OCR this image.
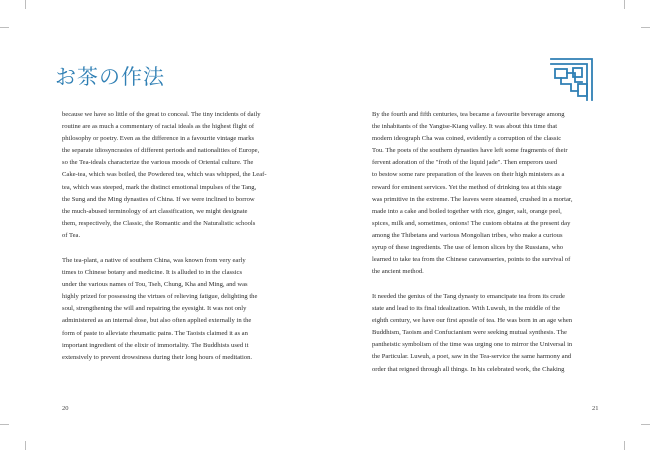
お茶の作法

because we have so little of the great to conceal. The tiny incidents of daily
routine are as much a commentary of racial ideals as the highest flight of
philosophy or poetry. Even as the difference in a favourite vintage marks
the separate idiosyncrasies of different periods and nationalities of Europe,
so the Tea-ideals characterize the various moods of Oriental culture. The
Cake-tea, which was boiled, the Powdered tea, which was whipped, the Leaf-
tea, which was steeped, mark the distinct emotional impulses of the Tang,
the Sung and the Ming dynasties of China. If we were inclined to borrow
the much-abused terminology of art classification, we might designate
them, respectively, the Classic, the Romantic and the Naturalistic schools
of Tea.

The tea-plant, a native of southern China, was known from very early
times to Chinese botany and medicine. It is alluded to in the classics
under the various names of Tou, Tseh, Chung, Kha and Ming, and was
highly prized for possessing the virtues of relieving fatigue, delighting the
soul, strengthening the will and repairing the eyesight. It was not only
administered as an internal dose, but also often applied externally in the
form of paste to alleviate rheumatic pains. The Taoists claimed it as an
important ingredient of the elixir of immortality. The Buddhists used it
extensively to prevent drowsiness during their long hours of meditation.

20

By the fourth and fifth centuries, tea became a favourite beverage among
the inhabitants of the Yangtse-Kiang valley. It was about this time that
modern ideograph Cha was coined, evidently a corruption of the classic
Tou. The poets of the southern dynasties have left some fragments of their
fervent adoration of the "froth of the liquid jade". Then emperors used
to bestow some rare preparation of the leaves on their high ministers as a
reward for eminent services. Yet the method of drinking tea at this stage
was primitive in the extreme. The leaves were steamed, crushed in a mortar,
made into a cake and boiled together with rice, ginger, salt, orange peel,
spices, milk and, sometimes, onions! The custom obtains at the present day
among the Thibetans and various Mongolian tribes, who make a curious
syrup of these ingredients. The use of lemon slices by the Russians, who
learned to take tea from the Chinese caravanseries, points to the survival of
the ancient method.

It needed the genius of the Tang dynasty to emancipate tea from its crude
state and lead to its final idealization. With Luwuh, in the middle of the
eighth century, we have our first apostle of tea. He was born in an age when
Buddhism, Taoism and Confucianism were seeking mutual synthesis. The
pantheistic symbolism of the time was urging one to mirror the Universal in
the Particular. Luwuh, a poet, saw in the Tea-service the same harmony and
order that reigned through all things. In his celebrated work, the Chaking

21
